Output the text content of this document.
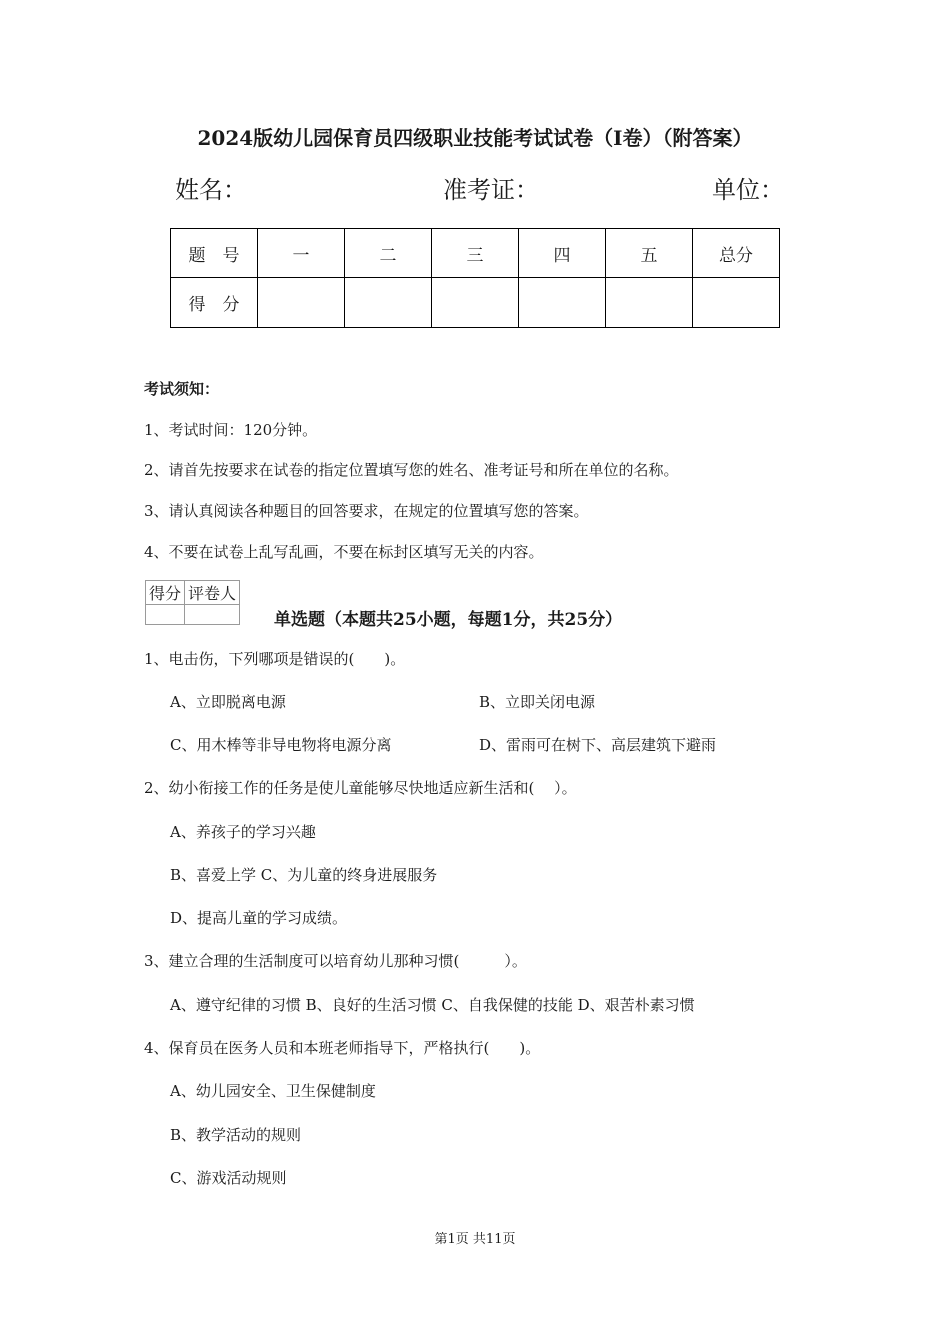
2024版幼儿园保育员四级职业技能考试试卷（I卷）（附答案）
姓名：	准考证：	单位：
题　号	一	二	三	四	五	总分
得　分						
考试须知：
1、考试时间：120分钟。
2、请首先按要求在试卷的指定位置填写您的姓名、准考证号和所在单位的名称。
3、请认真阅读各种题目的回答要求，在规定的位置填写您的答案。
4、不要在试卷上乱写乱画，不要在标封区填写无关的内容。
得分	评卷人

单选题（本题共25小题，每题1分，共25分）
1、电击伤，下列哪项是错误的(　　)。
A、立即脱离电源	B、立即关闭电源
C、用木棒等非导电物将电源分离	D、雷雨可在树下、高层建筑下避雨
2、幼小衔接工作的任务是使儿童能够尽快地适应新生活和(　 ）。
A、养孩子的学习兴趣
B、喜爱上学 C、为儿童的终身进展服务
D、提高儿童的学习成绩。
3、建立合理的生活制度可以培育幼儿那种习惯(　　　）。
A、遵守纪律的习惯 B、良好的生活习惯 C、自我保健的技能 D、艰苦朴素习惯
4、保育员在医务人员和本班老师指导下，严格执行(　　)。
A、幼儿园安全、卫生保健制度
B、教学活动的规则
C、游戏活动规则
第1页 共11页
